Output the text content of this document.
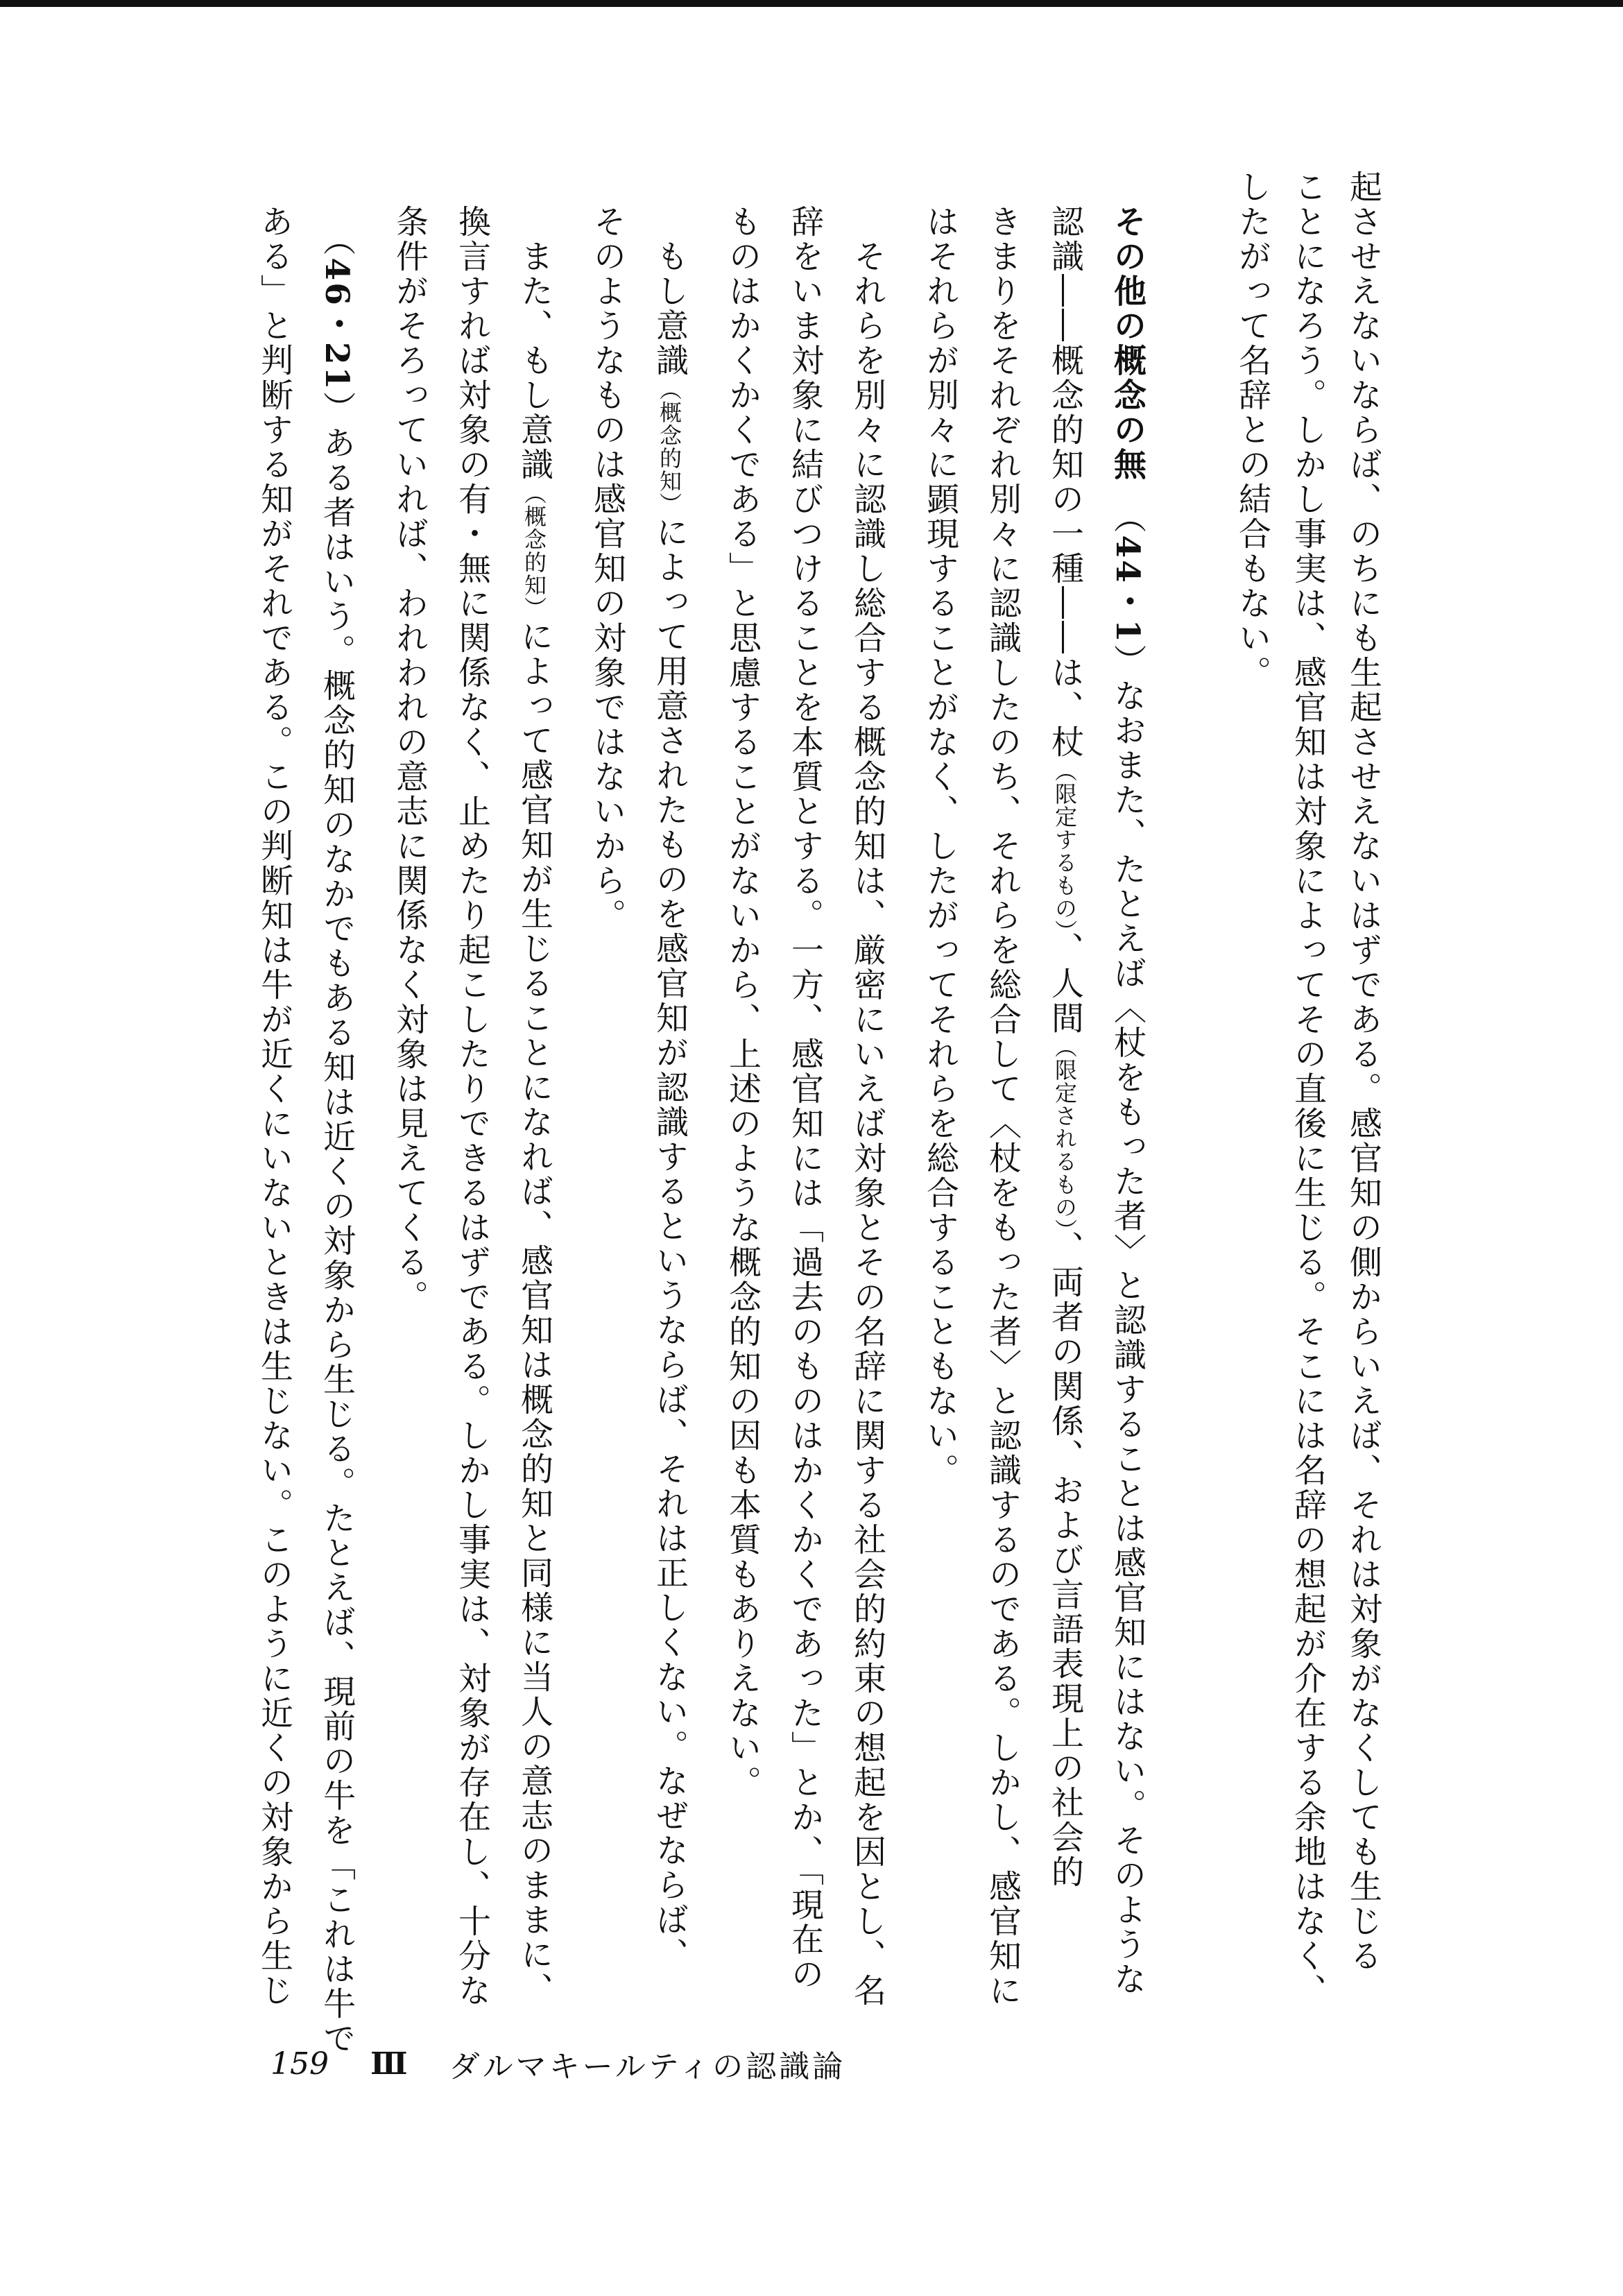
起させえないならば、のちにも生起させえないはずである。感官知の側からいえば、それは対象がなくしても生じる

ことになろう。しかし事実は、感官知は対象によってその直後に生じる。そこには名辞の想起が介在する余地はなく、

したがって名辞との結合もない。

その他の概念の無　（44・1）なおまた、たとえば〈杖をもった者〉と認識することは感官知にはない。そのような

認識――概念的知の一種――は、杖（限定するもの）、人間（限定されるもの）、両者の関係、および言語表現上の社会的

きまりをそれぞれ別々に認識したのち、それらを総合して〈杖をもった者〉と認識するのである。しかし、感官知に

はそれらが別々に顕現することがなく、したがってそれらを総合することもない。

　それらを別々に認識し総合する概念的知は、厳密にいえば対象とその名辞に関する社会的約束の想起を因とし、名

辞をいま対象に結びつけることを本質とする。一方、感官知には「過去のものはかくかくであった」とか、「現在の

ものはかくかくである」と思慮することがないから、上述のような概念的知の因も本質もありえない。

　もし意識（概念的知）によって用意されたものを感官知が認識するというならば、それは正しくない。なぜならば、

そのようなものは感官知の対象ではないから。

　また、もし意識（概念的知）によって感官知が生じることになれば、感官知は概念的知と同様に当人の意志のままに、

換言すれば対象の有・無に関係なく、止めたり起こしたりできるはずである。しかし事実は、対象が存在し、十分な

条件がそろっていれば、われわれの意志に関係なく対象は見えてくる。

　（46・21）ある者はいう。概念的知のなかでもある知は近くの対象から生じる。たとえば、現前の牛を「これは牛で

ある」と判断する知がそれである。この判断知は牛が近くにいないときは生じない。このように近くの対象から生じ

159 Ⅲ ダルマキールティの認識論
